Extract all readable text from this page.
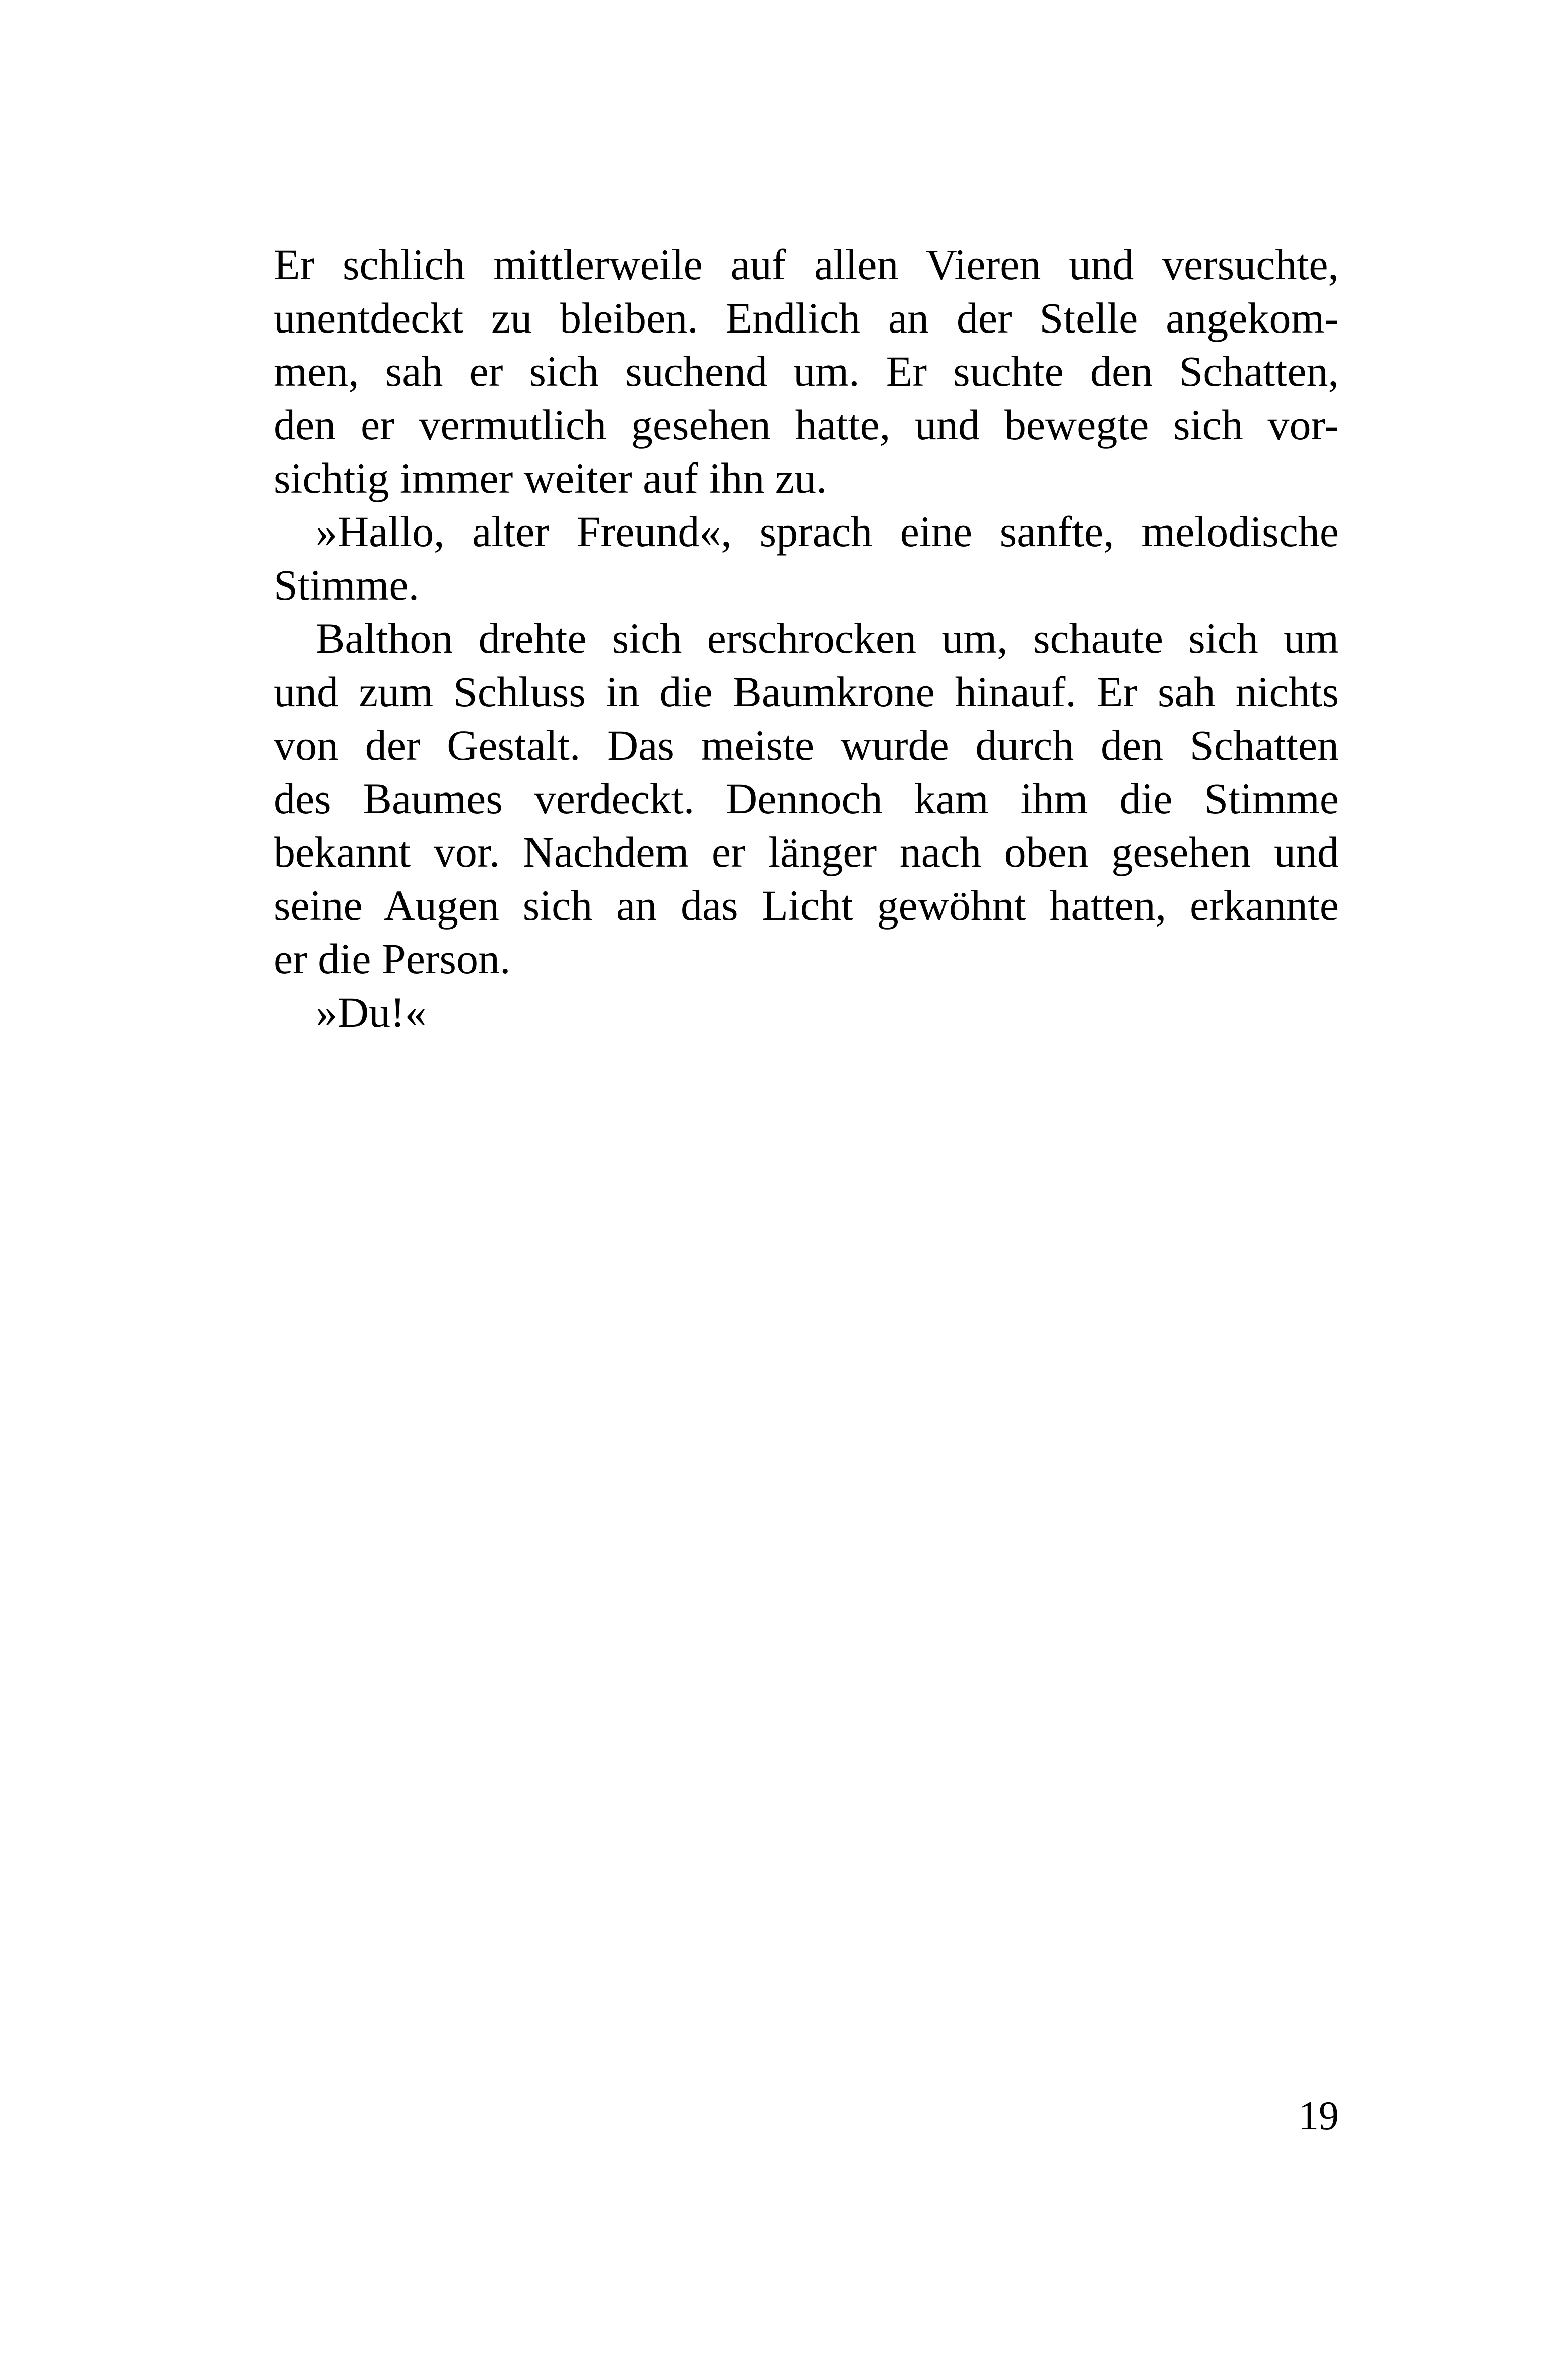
Er schlich mittlerweile auf allen Vieren und versuchte,
unentdeckt zu bleiben. Endlich an der Stelle angekom-
men, sah er sich suchend um. Er suchte den Schatten,
den er vermutlich gesehen hatte, und bewegte sich vor-
sichtig immer weiter auf ihn zu.
»Hallo, alter Freund«, sprach eine sanfte, melodische
Stimme.
Balthon drehte sich erschrocken um, schaute sich um
und zum Schluss in die Baumkrone hinauf. Er sah nichts
von der Gestalt. Das meiste wurde durch den Schatten
des Baumes verdeckt. Dennoch kam ihm die Stimme
bekannt vor. Nachdem er länger nach oben gesehen und
seine Augen sich an das Licht gewöhnt hatten, erkannte
er die Person.
»Du!«
19
